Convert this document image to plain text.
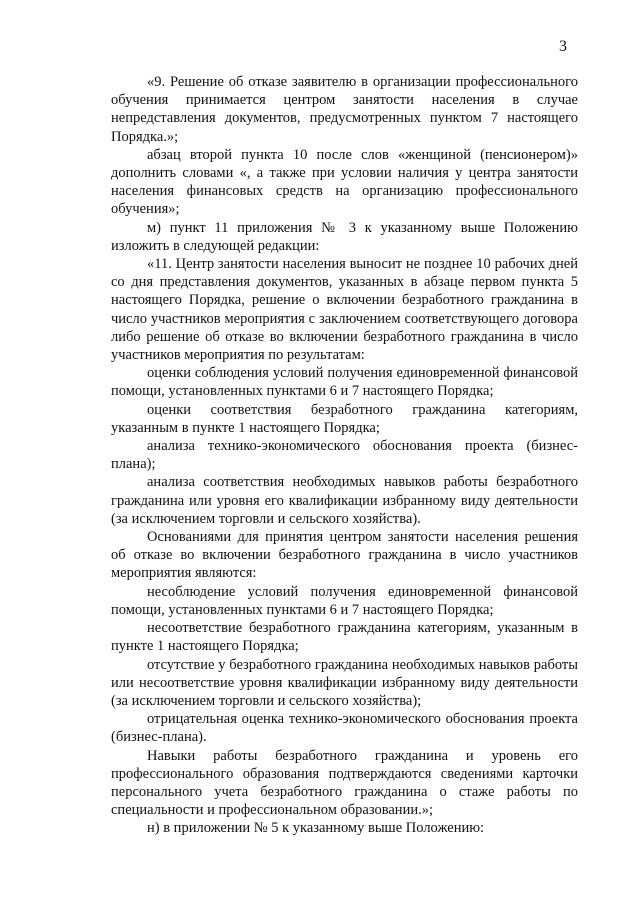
3

«9. Решение об отказе заявителю в организации профессионального обучения принимается центром занятости населения в случае непредставления документов, предусмотренных пунктом 7 настоящего Порядка.»;

абзац второй пункта 10 после слов «женщиной (пенсионером)» дополнить словами «, а также при условии наличия у центра занятости населения финансовых средств на организацию профессионального обучения»;

м) пункт 11 приложения № 3 к указанному выше Положению изложить в следующей редакции:

«11. Центр занятости населения выносит не позднее 10 рабочих дней со дня представления документов, указанных в абзаце первом пункта 5 настоящего Порядка, решение о включении безработного гражданина в число участников мероприятия с заключением соответствующего договора либо решение об отказе во включении безработного гражданина в число участников мероприятия по результатам:

оценки соблюдения условий получения единовременной финансовой помощи, установленных пунктами 6 и 7 настоящего Порядка;

оценки соответствия безработного гражданина категориям, указанным в пункте 1 настоящего Порядка;

анализа технико-экономического обоснования проекта (бизнес-плана);

анализа соответствия необходимых навыков работы безработного гражданина или уровня его квалификации избранному виду деятельности (за исключением торговли и сельского хозяйства).

Основаниями для принятия центром занятости населения решения об отказе во включении безработного гражданина в число участников мероприятия являются:

несоблюдение условий получения единовременной финансовой помощи, установленных пунктами 6 и 7 настоящего Порядка;

несоответствие безработного гражданина категориям, указанным в пункте 1 настоящего Порядка;

отсутствие у безработного гражданина необходимых навыков работы или несоответствие уровня квалификации избранному виду деятельности (за исключением торговли и сельского хозяйства);

отрицательная оценка технико-экономического обоснования проекта (бизнес-плана).

Навыки работы безработного гражданина и уровень его профессионального образования подтверждаются сведениями карточки персонального учета безработного гражданина о стаже работы по специальности и профессиональном образовании.»;

н) в приложении № 5 к указанному выше Положению:
